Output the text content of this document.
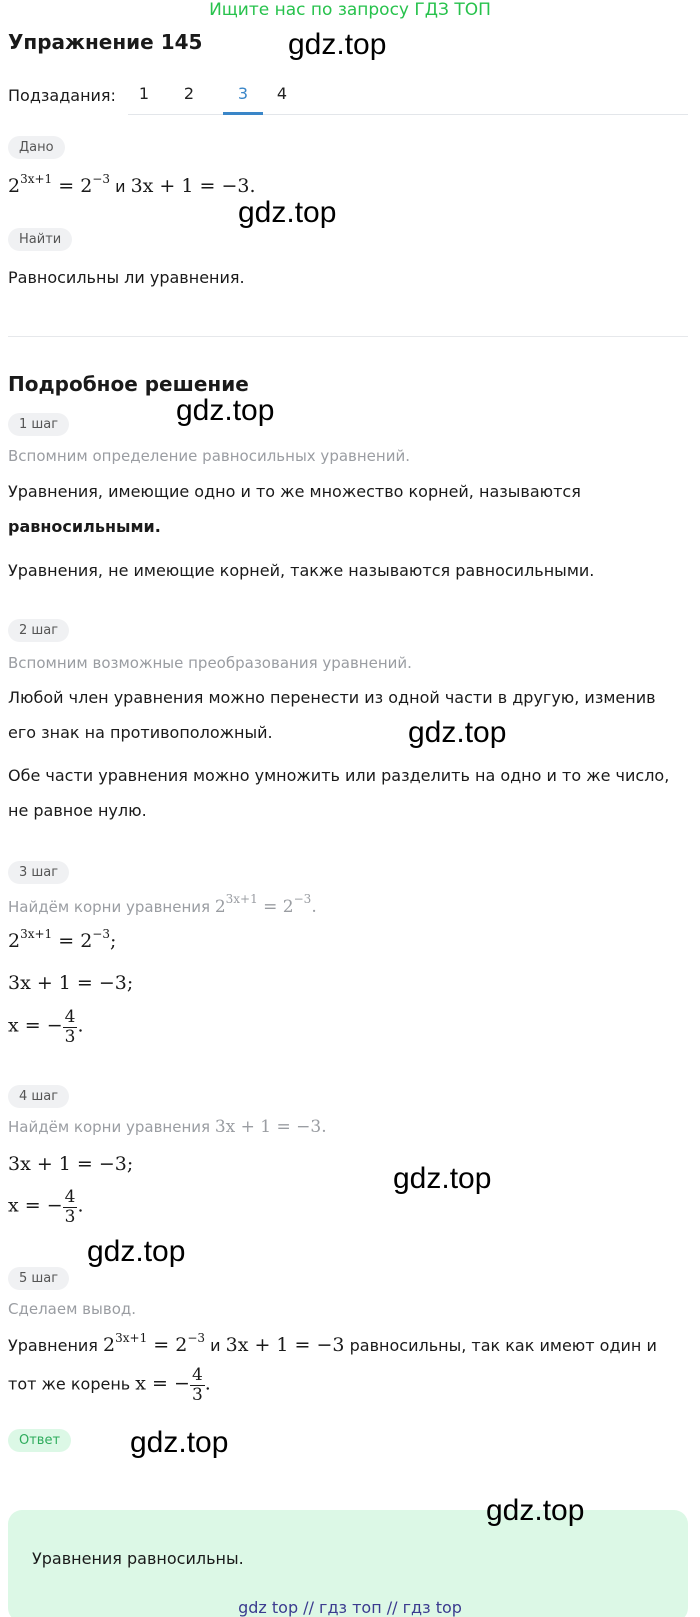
Ищите нас по запросу ГДЗ ТОП
Упражнение 145	gdz.top
Подзадания:	1	2	3	4
Дано
$2^{3x+1} = 2^{-3}$ и 3x + 1 = −3.
gdz.top
Найти
Равносильны ли уравнения.
Подробное решение
gdz.top
1 шаг
Вспомним определение равносильных уравнений.
Уравнения, имеющие одно и то же множество корней, называются
равносильными.
Уравнения, не имеющие корней, также называются равносильными.
2 шаг
Вспомним возможные преобразования уравнений.
Любой член уравнения можно перенести из одной части в другую, изменив
его знак на противоположный.	gdz.top
Обе части уравнения можно умножить или разделить на одно и то же число,
не равное нулю.
3 шаг
Найдём корни уравнения $2^{3x+1} = 2^{-3}$.
$2^{3x+1} = 2^{-3}$;
3x + 1 = −3;
x = − $\frac{4}{3}$ .
4 шаг
Найдём корни уравнения 3x + 1 = −3.
3x + 1 = −3;	gdz.top
x = − $\frac{4}{3}$ .
gdz.top
5 шаг
Сделаем вывод.
Уравнения $2^{3x+1} = 2^{-3}$ и 3x + 1 = −3 равносильны, так как имеют один и
тот же корень x = − $\frac{4}{3}$ .
Ответ	gdz.top
Уравнения равносильны.
gdz.top
gdz top // гдз топ // гдз top
